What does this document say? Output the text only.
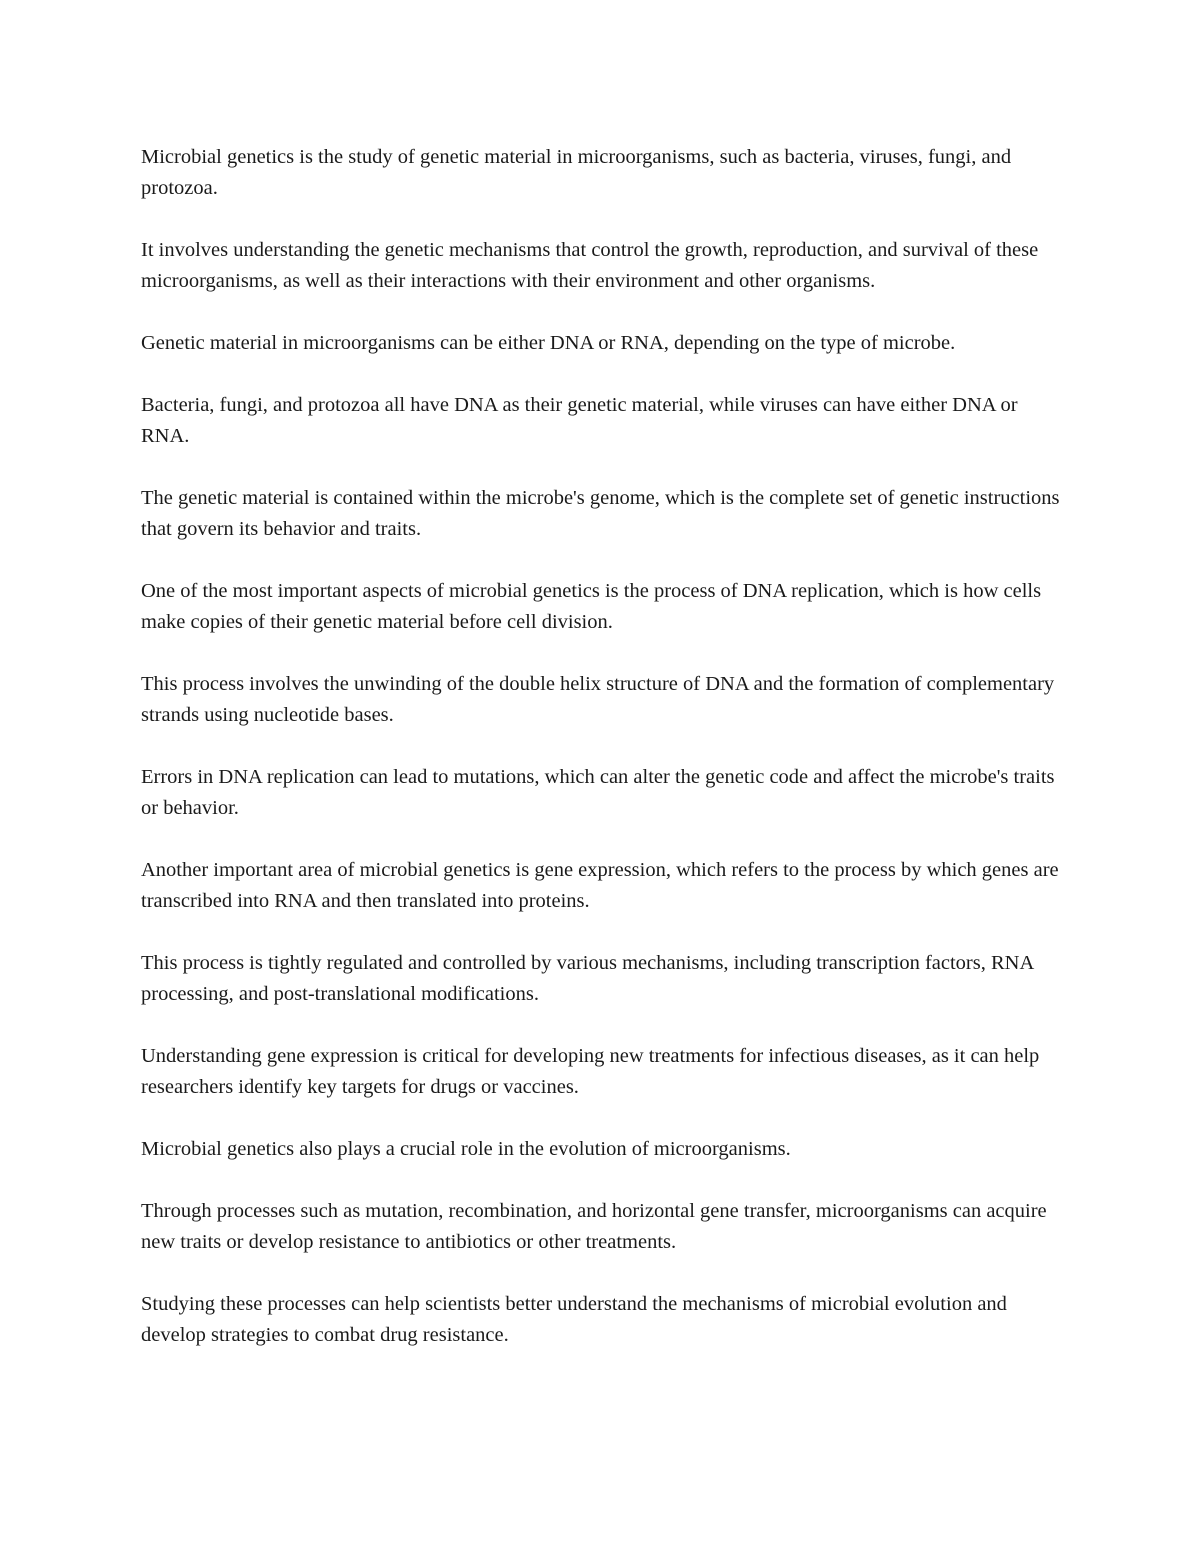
Microbial genetics is the study of genetic material in microorganisms, such as bacteria, viruses, fungi, and protozoa.

It involves understanding the genetic mechanisms that control the growth, reproduction, and survival of these microorganisms, as well as their interactions with their environment and other organisms.

Genetic material in microorganisms can be either DNA or RNA, depending on the type of microbe.

Bacteria, fungi, and protozoa all have DNA as their genetic material, while viruses can have either DNA or RNA.

The genetic material is contained within the microbe's genome, which is the complete set of genetic instructions that govern its behavior and traits.

One of the most important aspects of microbial genetics is the process of DNA replication, which is how cells make copies of their genetic material before cell division.

This process involves the unwinding of the double helix structure of DNA and the formation of complementary strands using nucleotide bases.

Errors in DNA replication can lead to mutations, which can alter the genetic code and affect the microbe's traits or behavior.

Another important area of microbial genetics is gene expression, which refers to the process by which genes are transcribed into RNA and then translated into proteins.

This process is tightly regulated and controlled by various mechanisms, including transcription factors, RNA processing, and post-translational modifications.

Understanding gene expression is critical for developing new treatments for infectious diseases, as it can help researchers identify key targets for drugs or vaccines.

Microbial genetics also plays a crucial role in the evolution of microorganisms.

Through processes such as mutation, recombination, and horizontal gene transfer, microorganisms can acquire new traits or develop resistance to antibiotics or other treatments.

Studying these processes can help scientists better understand the mechanisms of microbial evolution and develop strategies to combat drug resistance.
